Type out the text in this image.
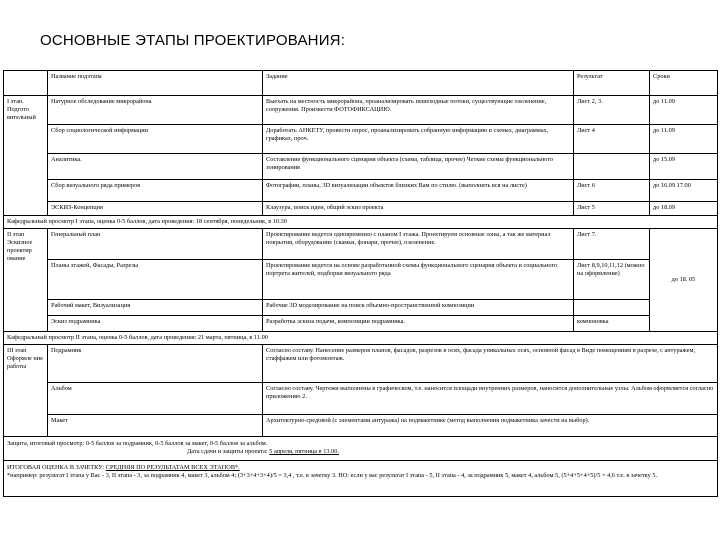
ОСНОВНЫЕ ЭТАПЫ ПРОЕКТИРОВАНИЯ:
	Название подэтапа	Задание	Результат	Сроки
I этап. Подгото вительный	Натурное обследование микрорайона	Выехать на местность микрорайона, проанализировать пешеходные потоки, существующие озеленение, сооружения. Произвести ФОТОФИКСАЦИЮ.	Лист 2, 3.	до 11.09
	Сбор социологической информации	Доработать АНКЕТУ, провести опрос, проанализировать собранную информацию в схемах, диаграммах, графиках, проч.	Лист 4	до 11.09
	Аналитика.	Составление функционального сценария объекта (схема, таблица, прочее) Четкие схемы функционального зонирования		до 15.09
	Сбор визуального ряда примеров	Фотографии, планы, 3D визуализации объектов близких Вам по стилю. (выполнить вся на листе)	Лист 6	до 16.09 17.00
	ЭСКИЗ-Концепция	Клаузура, поиск идеи, общий эскиз проекта	Лист 5	до 18.09
Кафедральный просмотр I этапа, оценка 0-5 баллов, дата проведения: 18 сентября, понедельник, в 10.30				
II этап Эскизное проектир ование	Генеральный план	Проектирование ведется одновременно с планом I этажа. Проектируем основные зоны, а так же материал покрытия, оборудование (скамьи, фонари, прочее), озеленение.	Лист 7.	до 18. 05
	Планы этажей, Фасады, Разрезы	Проектирование ведется на основе разработанной схемы функционального сценария объекта и социального портрета жителей, подборки визуального ряда	Лист 8,9,10,11,12 (можно на оформление)	
	Рабочий макет, Визуализация	Рабочие 3D моделирование на поиск объемно-пространственной композиции		
	Эскиз подрамника	Разработка эскиза подачи, композиции подрамника.	компоновка	
Кафедральный просмотр II этапа, оценка 0-5 баллов, дата проведения: 21 марта, пятница, в 11.00				
III этап Оформле ние работы	Подрамник	Согласно составу. Нанесение размеров планов, фасадов, разрезов в осях, фасада уникальных осях, основной фасад в Виде помещениям в разрезе, с антуражем, стаффажем или фотомонтаж.		
	Альбом	Согласно составу. Чертежи выполнены в графическом, т.е. наносится площади внутренних размеров, наносится дополнительные узлы. Альбом оформляется согласно приложению 2.		
	Макет	Архитектурно-средовой (с элементами антуража) на подмакетнике (метод выполнения подмакетника зачести на выбор).		

Защита, итоговый просмотр: 0-5 баллов за подрамник, 0-5 баллов за макет, 0-5 баллов за альбом.
Дата сдачи и защиты проекта: 5 апреля, пятница в 13.00.				

ИТОГОВАЯ ОЦЕНКА В ЗАЧЕТКУ: СРЕДНЯЯ ПО РЕЗУЛЬТАТАМ ВСЕХ ЭТАПОВ*.
*например: результат I этапа у Вас - 3, II этапа - 3, за подрамник 4, макет 3, альбом 4; (3+3+4+3+4)/5 = 3,4 , т.е. в зачетку 3. НО: если у вас результат I этапа - 5, II этапа - 4, за подрамник 5, макет 4, альбом 5, (5+4+5+4+5)/5 = 4,6 т.е. в зачетку 5.				
